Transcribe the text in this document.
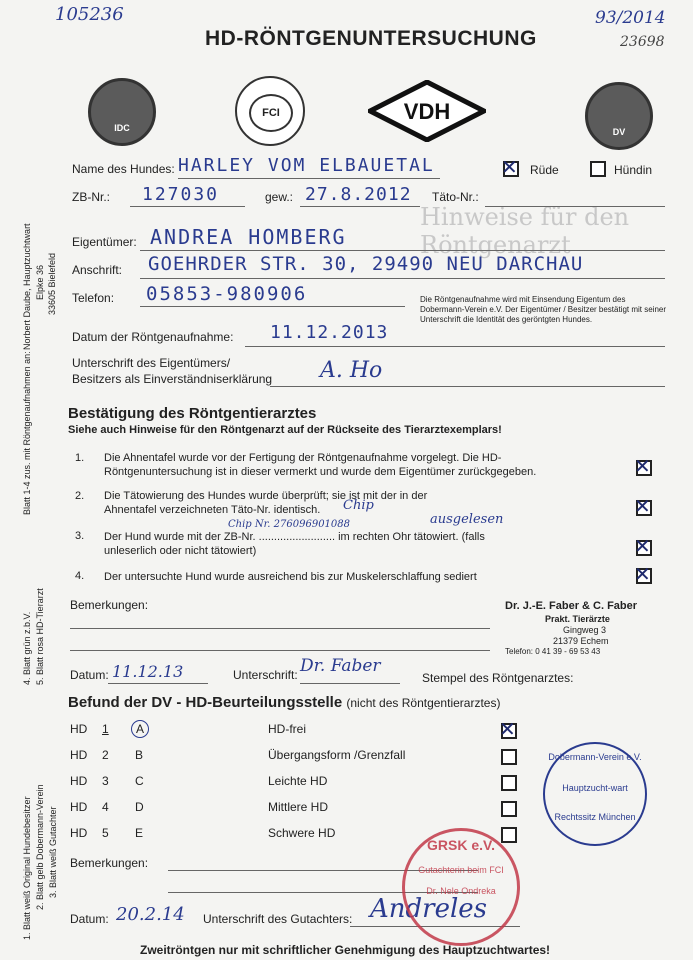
105236	93/2014
23698
HD-RÖNTGENUNTERSUCHUNG
IDC
FCI	VDH
DV
Hinweise für den Röntgenarzt
Norbert Daube, Hauptzuchtwart Elpke 36 33605 Bielefeld
Blatt 1-4 zus. mit Röntgenaufnahmen an:
4. Blatt grün z.b.V. 5. Blatt rosa HD-Tierarzt
1. Blatt weiß Original Hundebesitzer 2. Blatt gelb Dobermann-Verein 3. Blatt weiß Gutachter
Name des Hundes: HARLEY VOM ELBAUETAL	✕ Rüde	Hündin
ZB-Nr.: 127030	gew.: 27.8.2012 Täto-Nr.:
Eigentümer: ANDREA HOMBERG
Anschrift: GOEHRDER STR. 30, 29490 NEU DARCHAU
Telefon: 05853-980906	Die Röntgenaufnahme wird mit Einsendung Eigentum des Dobermann-Verein e.V. Der Eigentümer / Besitzer bestätigt mit seiner Unterschrift die Identität des geröntgten Hundes.
Datum der Röntgenaufnahme: 11.12.2013
Unterschrift des Eigentümers/
Besitzers als Einverständniserklärung A. Ho
Bestätigung des Röntgentierarztes
Siehe auch Hinweise für den Röntgenarzt auf der Rückseite des Tierarztexemplars!
1. Die Ahnentafel wurde vor der Fertigung der Röntgenaufnahme vorgelegt. Die HD-Röntgenuntersuchung ist in dieser vermerkt und wurde dem Eigentümer zurückgegeben.	✕
2. Die Tätowierung des Hundes wurde überprüft; sie ist mit der in der Ahnentafel verzeichneten Täto-Nr. identisch.	Chip	✕
Chip Nr. 276096901088	ausgelesen
3. Der Hund wurde mit der ZB-Nr. ......................... im rechten Ohr tätowiert. (falls unleserlich oder nicht tätowiert)	✕
4. Der untersuchte Hund wurde ausreichend bis zur Muskelerschlaffung sediert	✕
Bemerkungen:	Dr. J.-E. Faber & C. Faber
Prakt. Tierärzte
Gingweg 3
21379 Echem
Telefon: 0 41 39 - 69 53 43
Datum: 11.12.13	Unterschrift: Dr. Faber
Stempel des Röntgenarztes:
Befund der DV - HD-Beurteilungsstelle (nicht des Röntgentierarztes)
HD 1	A	HD-frei	✕
HD 2 B	Übergangsform /Grenzfall
HD 3 C	Leichte HD
HD 4 D	Mittlere HD
HD 5 E	Schwere HD
Bemerkungen:
Datum: 20.2.14 Unterschrift des Gutachters: Andreles
Dobermann-Verein e.V.
Hauptzucht-wart
Rechtssitz München
GRSK e.V.
Gutachterin beim FCI
Dr. Nele Ondreka
Zweitröntgen nur mit schriftlicher Genehmigung des Hauptzuchtwartes!
